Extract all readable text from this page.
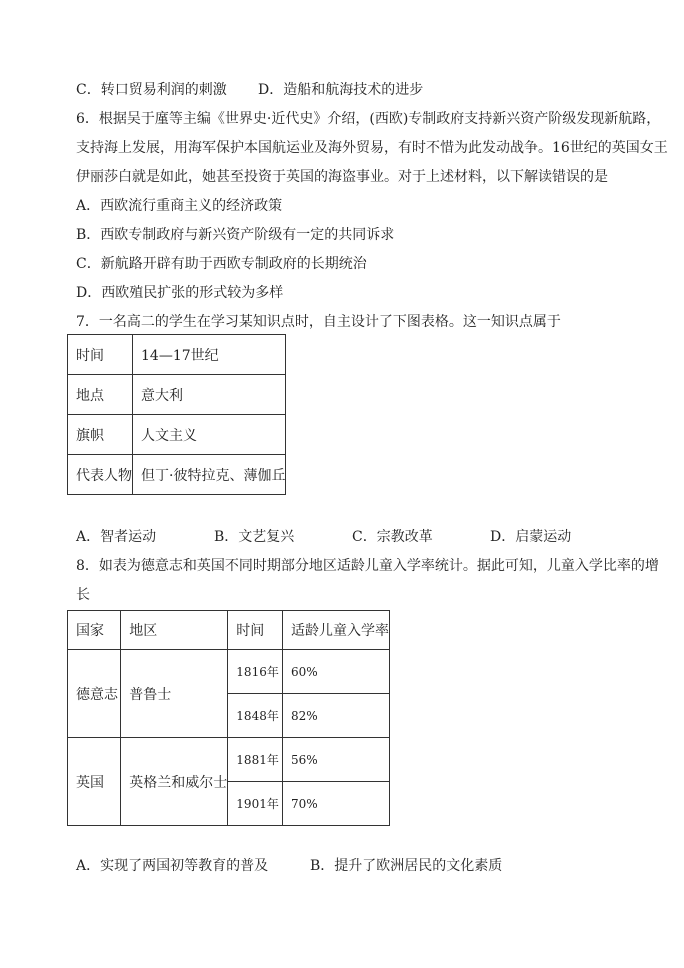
C．转口贸易利润的刺激 D．造船和航海技术的进步
6．根据吴于廑等主编《世界史·近代史》介绍，(西欧)专制政府支持新兴资产阶级发现新航路，
支持海上发展，用海军保护本国航运业及海外贸易，有时不惜为此发动战争。16世纪的英国女王
伊丽莎白就是如此，她甚至投资于英国的海盗事业。对于上述材料，以下解读错误的是
A．西欧流行重商主义的经济政策
B．西欧专制政府与新兴资产阶级有一定的共同诉求
C．新航路开辟有助于西欧专制政府的长期统治
D．西欧殖民扩张的形式较为多样
7．一名高二的学生在学习某知识点时，自主设计了下图表格。这一知识点属于
时间	14—17世纪
地点	意大利
旗帜	人文主义
代表人物	但丁·彼特拉克、薄伽丘
A．智者运动	B．文艺复兴	C．宗教改革	D．启蒙运动
8．如表为德意志和英国不同时期部分地区适龄儿童入学率统计。据此可知，儿童入学比率的增
长
国家	地区	时间	适龄儿童入学率
德意志	普鲁士	1816年	60%
		1848年	82%
英国	英格兰和威尔士	1881年	56%
		1901年	70%
A．实现了两国初等教育的普及	B．提升了欧洲居民的文化素质
